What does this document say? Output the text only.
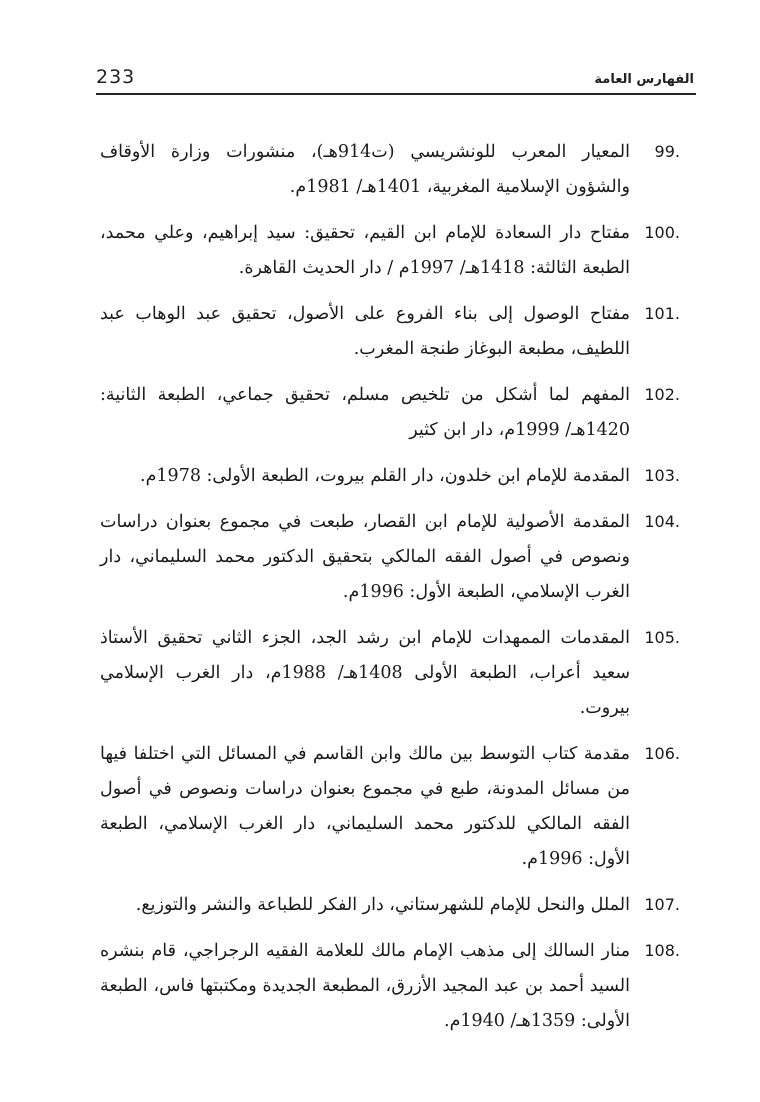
233	الفهارس العامة

99.المعيار المعرب للونشريسي (ت914هـ)، منشورات وزارة الأوقاف والشؤون الإسلامية المغربية، 1401هـ/ 1981م.

100.مفتاح دار السعادة للإمام ابن القيم، تحقيق: سيد إبراهيم، وعلي محمد، الطبعة الثالثة: 1418هـ/ 1997م / دار الحديث القاهرة.

101.مفتاح الوصول إلى بناء الفروع على الأصول، تحقيق عبد الوهاب عبد اللطيف، مطبعة البوغاز طنجة المغرب.

102.المفهم لما أشكل من تلخيص مسلم، تحقيق جماعي، الطبعة الثانية: 1420هـ/ 1999م، دار ابن كثير

103.المقدمة للإمام ابن خلدون، دار القلم بيروت، الطبعة الأولى: 1978م.

104.المقدمة الأصولية للإمام ابن القصار، طبعت في مجموع بعنوان دراسات ونصوص في أصول الفقه المالكي بتحقيق الدكتور محمد السليماني، دار الغرب الإسلامي، الطبعة الأول: 1996م.

105.المقدمات الممهدات للإمام ابن رشد الجد، الجزء الثاني تحقيق الأستاذ سعيد أعراب، الطبعة الأولى 1408هـ/ 1988م، دار الغرب الإسلامي بيروت.

106.مقدمة كتاب التوسط بين مالك وابن القاسم في المسائل التي اختلفا فيها من مسائل المدونة، طبع في مجموع بعنوان دراسات ونصوص في أصول الفقه المالكي للدكتور محمد السليماني، دار الغرب الإسلامي، الطبعة الأول: 1996م.

107.الملل والنحل للإمام للشهرستاني، دار الفكر للطباعة والنشر والتوزيع.

108.منار السالك إلى مذهب الإمام مالك للعلامة الفقيه الرجراجي، قام بنشره السيد أحمد بن عبد المجيد الأزرق، المطبعة الجديدة ومكتبتها فاس، الطبعة الأولى: 1359هـ/ 1940م.
